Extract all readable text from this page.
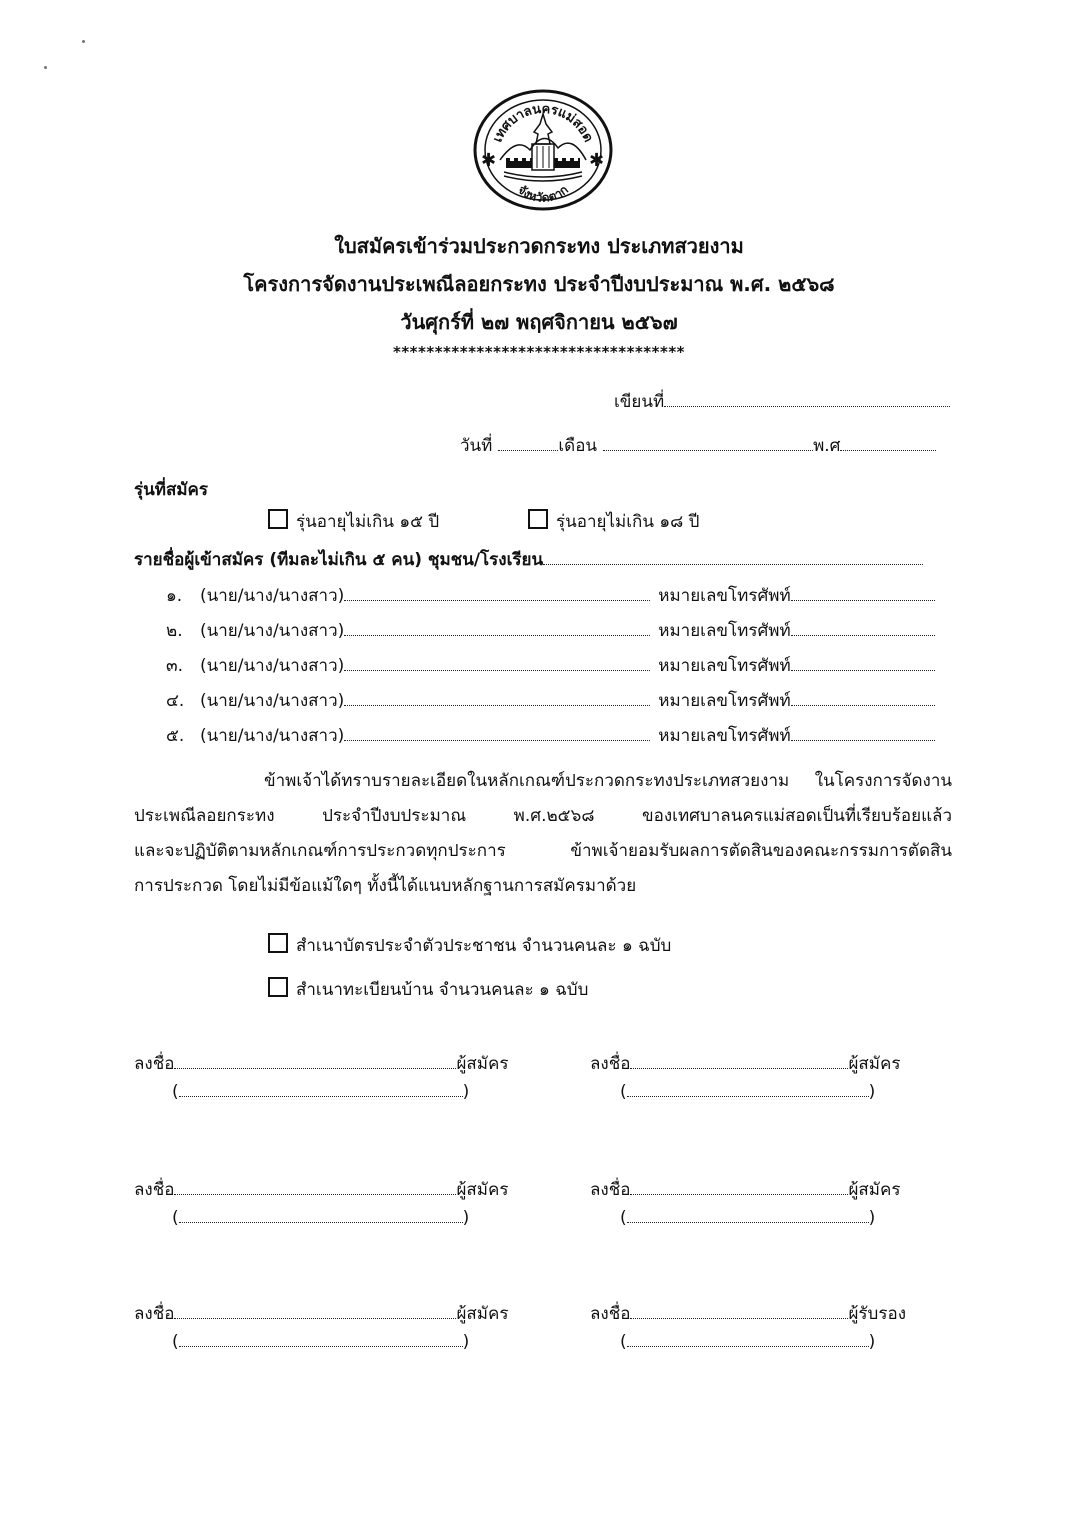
เทศบาลนครแม่สอด
จังหวัดตาก
✱	✱
ใบสมัครเข้าร่วมประกวดกระทง ประเภทสวยงาม
โครงการจัดงานประเพณีลอยกระทง ประจำปีงบประมาณ พ.ศ. ๒๕๖๘
วันศุกร์ที่ ๒๗ พฤศจิกายน ๒๕๖๗
***********************************
เขียนที่
วันที่	เดือน	พ.ศ
รุ่นที่สมัคร
รุ่นอายุไม่เกิน ๑๕ ปี	รุ่นอายุไม่เกิน ๑๘ ปี
รายชื่อผู้เข้าสมัคร (ทีมละไม่เกิน ๕ คน) ชุมชน/โรงเรียน
๑.	(นาย/นาง/นางสาว)	หมายเลขโทรศัพท์
๒.	(นาย/นาง/นางสาว)	หมายเลขโทรศัพท์
๓. (นาย/นาง/นางสาว)	หมายเลขโทรศัพท์
๔. (นาย/นาง/นางสาว)	หมายเลขโทรศัพท์
๕. (นาย/นาง/นางสาว)	หมายเลขโทรศัพท์
ข้าพเจ้าได้ทราบรายละเอียดในหลักเกณฑ์ประกวดกระทงประเภทสวยงาม ในโครงการจัดงาน
ประเพณีลอยกระทง ประจำปีงบประมาณ พ.ศ.๒๕๖๘ ของเทศบาลนครแม่สอดเป็นที่เรียบร้อยแล้ว
และจะปฏิบัติตามหลักเกณฑ์การประกวดทุกประการ ข้าพเจ้ายอมรับผลการตัดสินของคณะกรรมการตัดสิน
การประกวด โดยไม่มีข้อแม้ใดๆ ทั้งนี้ได้แนบหลักฐานการสมัครมาด้วย
สำเนาบัตรประจำตัวประชาชน จำนวนคนละ ๑ ฉบับ
สำเนาทะเบียนบ้าน จำนวนคนละ ๑ ฉบับ
ลงชื่อ	ผู้สมัคร
(	)
ลงชื่อ	ผู้สมัคร
(	)
ลงชื่อ	ผู้สมัคร
(	)
ลงชื่อ	ผู้สมัคร
(	)
ลงชื่อ	ผู้สมัคร
(	)
ลงชื่อ	ผู้รับรอง
(	)
